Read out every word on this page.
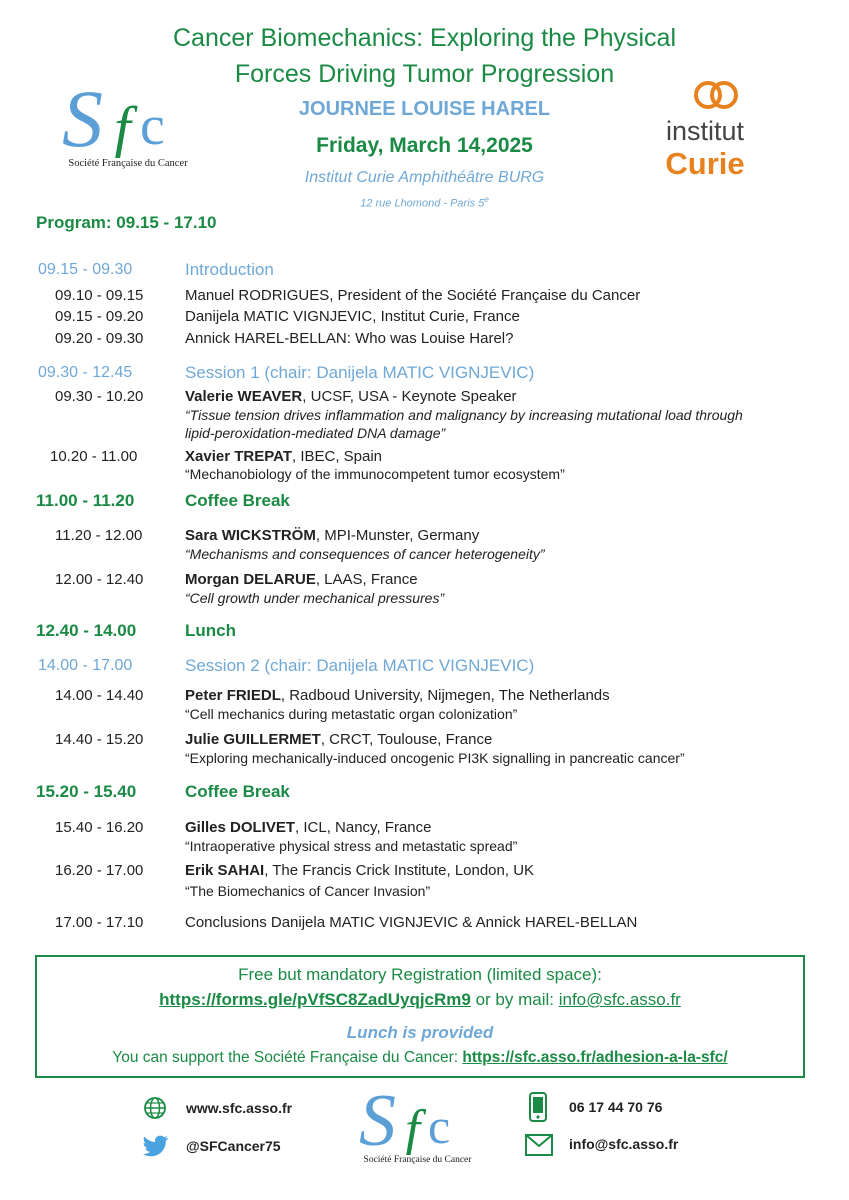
Cancer Biomechanics: Exploring the Physical
Forces Driving Tumor Progression
JOURNEE LOUISE HAREL
Friday, March 14,2025
Institut Curie Amphithéâtre BURG
12 rue Lhomond - Paris 5e
S f c
Société Française du Cancer
institut
Curie
Program: 09.15 - 17.10
09.15 - 09.30	Introduction
09.10 - 09.15	Manuel RODRIGUES, President of the Société Française du Cancer
09.15 - 09.20	Danijela MATIC VIGNJEVIC, Institut Curie, France
09.20 - 09.30	Annick HAREL-BELLAN: Who was Louise Harel?
09.30 - 12.45	Session 1 (chair: Danijela MATIC VIGNJEVIC)
09.30 - 10.20	Valerie WEAVER, UCSF, USA - Keynote Speaker
“Tissue tension drives inflammation and malignancy by increasing mutational load through
lipid-peroxidation-mediated DNA damage”
10.20 - 11.00	Xavier TREPAT, IBEC, Spain
“Mechanobiology of the immunocompetent tumor ecosystem”
11.00 - 11.20	Coffee Break
11.20 - 12.00	Sara WICKSTRÖM, MPI-Munster, Germany
“Mechanisms and consequences of cancer heterogeneity”
12.00 - 12.40	Morgan DELARUE, LAAS, France
“Cell growth under mechanical pressures”
12.40 - 14.00	Lunch
14.00 - 17.00	Session 2 (chair: Danijela MATIC VIGNJEVIC)
14.00 - 14.40	Peter FRIEDL, Radboud University, Nijmegen, The Netherlands
“Cell mechanics during metastatic organ colonization”
14.40 - 15.20	Julie GUILLERMET, CRCT, Toulouse, France
“Exploring mechanically-induced oncogenic PI3K signalling in pancreatic cancer”
15.20 - 15.40	Coffee Break
15.40 - 16.20	Gilles DOLIVET, ICL, Nancy, France
“Intraoperative physical stress and metastatic spread”
16.20 - 17.00	Erik SAHAI, The Francis Crick Institute, London, UK
“The Biomechanics of Cancer Invasion”
17.00 - 17.10	Conclusions Danijela MATIC VIGNJEVIC & Annick HAREL-BELLAN
Free but mandatory Registration (limited space):
https://forms.gle/pVfSC8ZadUyqjcRm9 or by mail: info@sfc.asso.fr
Lunch is provided
You can support the Société Française du Cancer: https://sfc.asso.fr/adhesion-a-la-sfc/
www.sfc.asso.fr
@SFCancer75 S f c
Société Française du Cancer
06 17 44 70 76
info@sfc.asso.fr
